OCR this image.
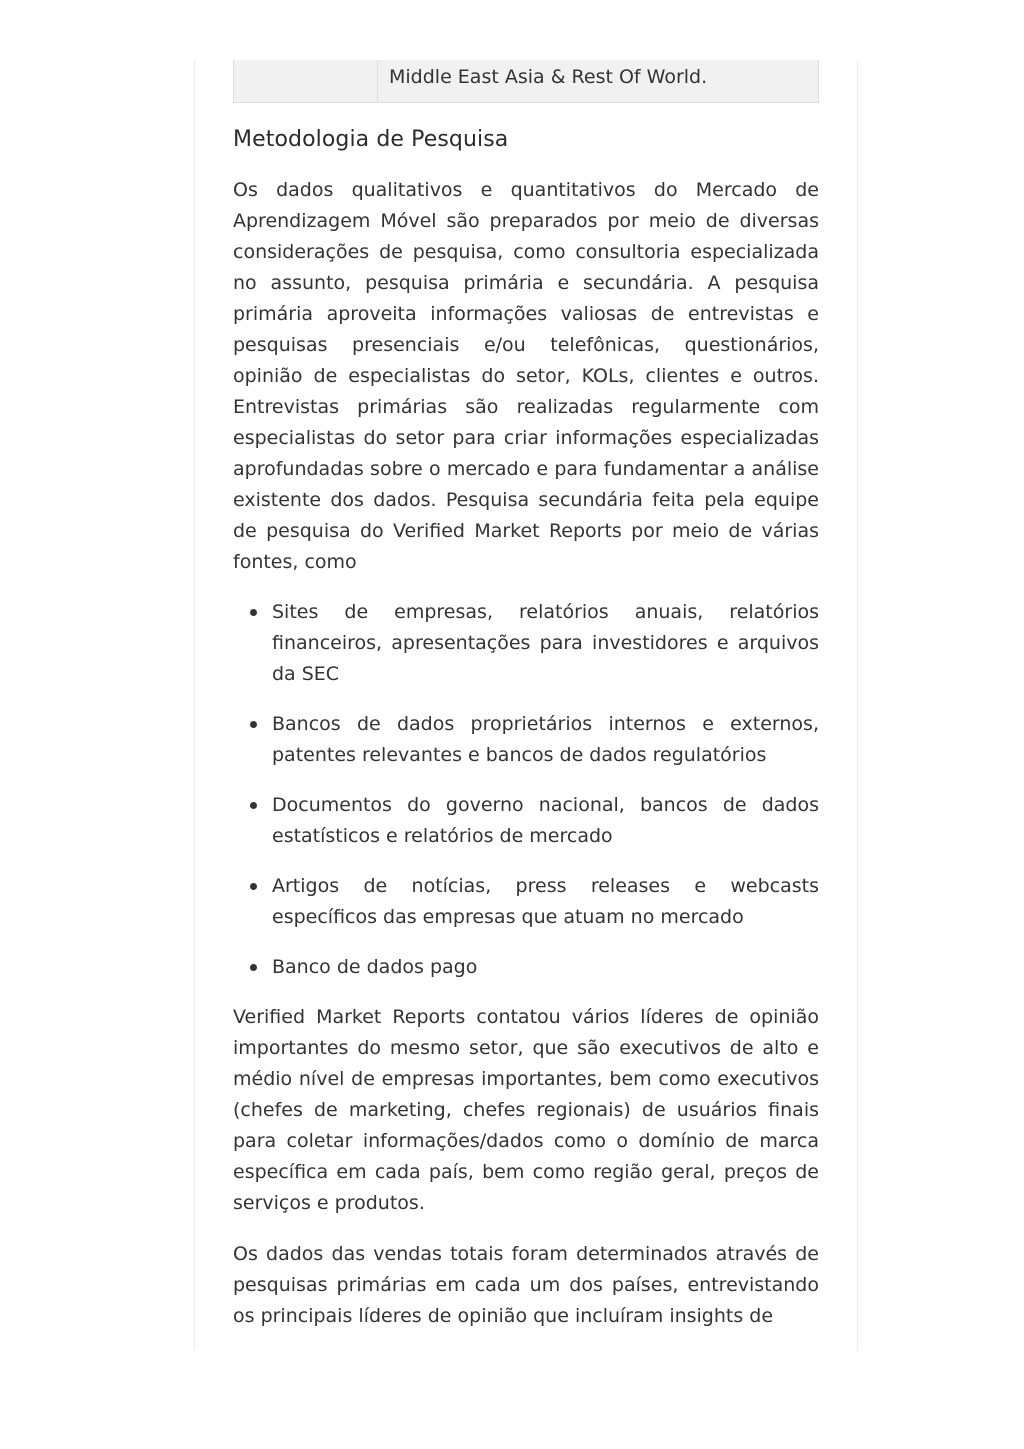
Middle East Asia & Rest Of World.
Metodologia de Pesquisa

Os dados qualitativos e quantitativos do Mercado de Aprendizagem Móvel são preparados por meio de diversas considerações de pesquisa, como consultoria especializada no assunto, pesquisa primária e secundária. A pesquisa primária aproveita informações valiosas de entrevistas e pesquisas presenciais e/ou telefônicas, questionários, opinião de especialistas do setor, KOLs, clientes e outros. Entrevistas primárias são realizadas regularmente com especialistas do setor para criar informações especializadas aprofundadas sobre o mercado e para fundamentar a análise existente dos dados. Pesquisa secundária feita pela equipe de pesquisa do Verified Market Reports por meio de várias fontes, como

Sites de empresas, relatórios anuais, relatórios financeiros, apresentações para investidores e arquivos da SEC
Bancos de dados proprietários internos e externos, patentes relevantes e bancos de dados regulatórios
Documentos do governo nacional, bancos de dados estatísticos e relatórios de mercado
Artigos de notícias, press releases e webcasts específicos das empresas que atuam no mercado
Banco de dados pago

Verified Market Reports contatou vários líderes de opinião importantes do mesmo setor, que são executivos de alto e médio nível de empresas importantes, bem como executivos (chefes de marketing, chefes regionais) de usuários finais para coletar informações/dados como o domínio de marca específica em cada país, bem como região geral, preços de serviços e produtos.

Os dados das vendas totais foram determinados através de pesquisas primárias em cada um dos países, entrevistando os principais líderes de opinião que incluíram insights de
